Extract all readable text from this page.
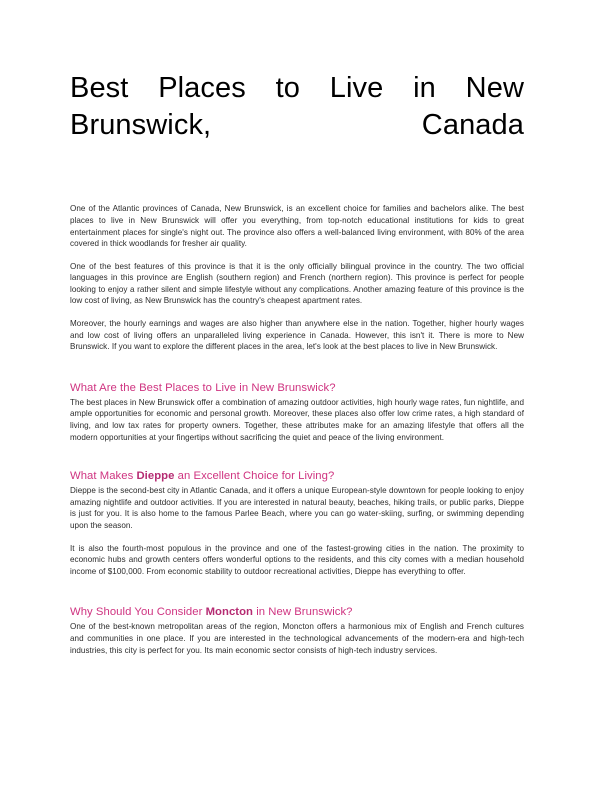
Best Places to Live in New Brunswick, Canada

One of the Atlantic provinces of Canada, New Brunswick, is an excellent choice for families and bachelors alike. The best places to live in New Brunswick will offer you everything, from top-notch educational institutions for kids to great entertainment places for single's night out. The province also offers a well-balanced living environment, with 80% of the area covered in thick woodlands for fresher air quality.

One of the best features of this province is that it is the only officially bilingual province in the country. The two official languages in this province are English (southern region) and French (northern region). This province is perfect for people looking to enjoy a rather silent and simple lifestyle without any complications. Another amazing feature of this province is the low cost of living, as New Brunswick has the country's cheapest apartment rates.

Moreover, the hourly earnings and wages are also higher than anywhere else in the nation. Together, higher hourly wages and low cost of living offers an unparalleled living experience in Canada. However, this isn't it. There is more to New Brunswick. If you want to explore the different places in the area, let's look at the best places to live in New Brunswick.

What Are the Best Places to Live in New Brunswick?

The best places in New Brunswick offer a combination of amazing outdoor activities, high hourly wage rates, fun nightlife, and ample opportunities for economic and personal growth. Moreover, these places also offer low crime rates, a high standard of living, and low tax rates for property owners. Together, these attributes make for an amazing lifestyle that offers all the modern opportunities at your fingertips without sacrificing the quiet and peace of the living environment.

What Makes Dieppe an Excellent Choice for Living?

Dieppe is the second-best city in Atlantic Canada, and it offers a unique European-style downtown for people looking to enjoy amazing nightlife and outdoor activities. If you are interested in natural beauty, beaches, hiking trails, or public parks, Dieppe is just for you. It is also home to the famous Parlee Beach, where you can go water-skiing, surfing, or swimming depending upon the season.

It is also the fourth-most populous in the province and one of the fastest-growing cities in the nation. The proximity to economic hubs and growth centers offers wonderful options to the residents, and this city comes with a median household income of $100,000. From economic stability to outdoor recreational activities, Dieppe has everything to offer.

Why Should You Consider Moncton in New Brunswick?

One of the best-known metropolitan areas of the region, Moncton offers a harmonious mix of English and French cultures and communities in one place. If you are interested in the technological advancements of the modern-era and high-tech industries, this city is perfect for you. Its main economic sector consists of high-tech industry services.
